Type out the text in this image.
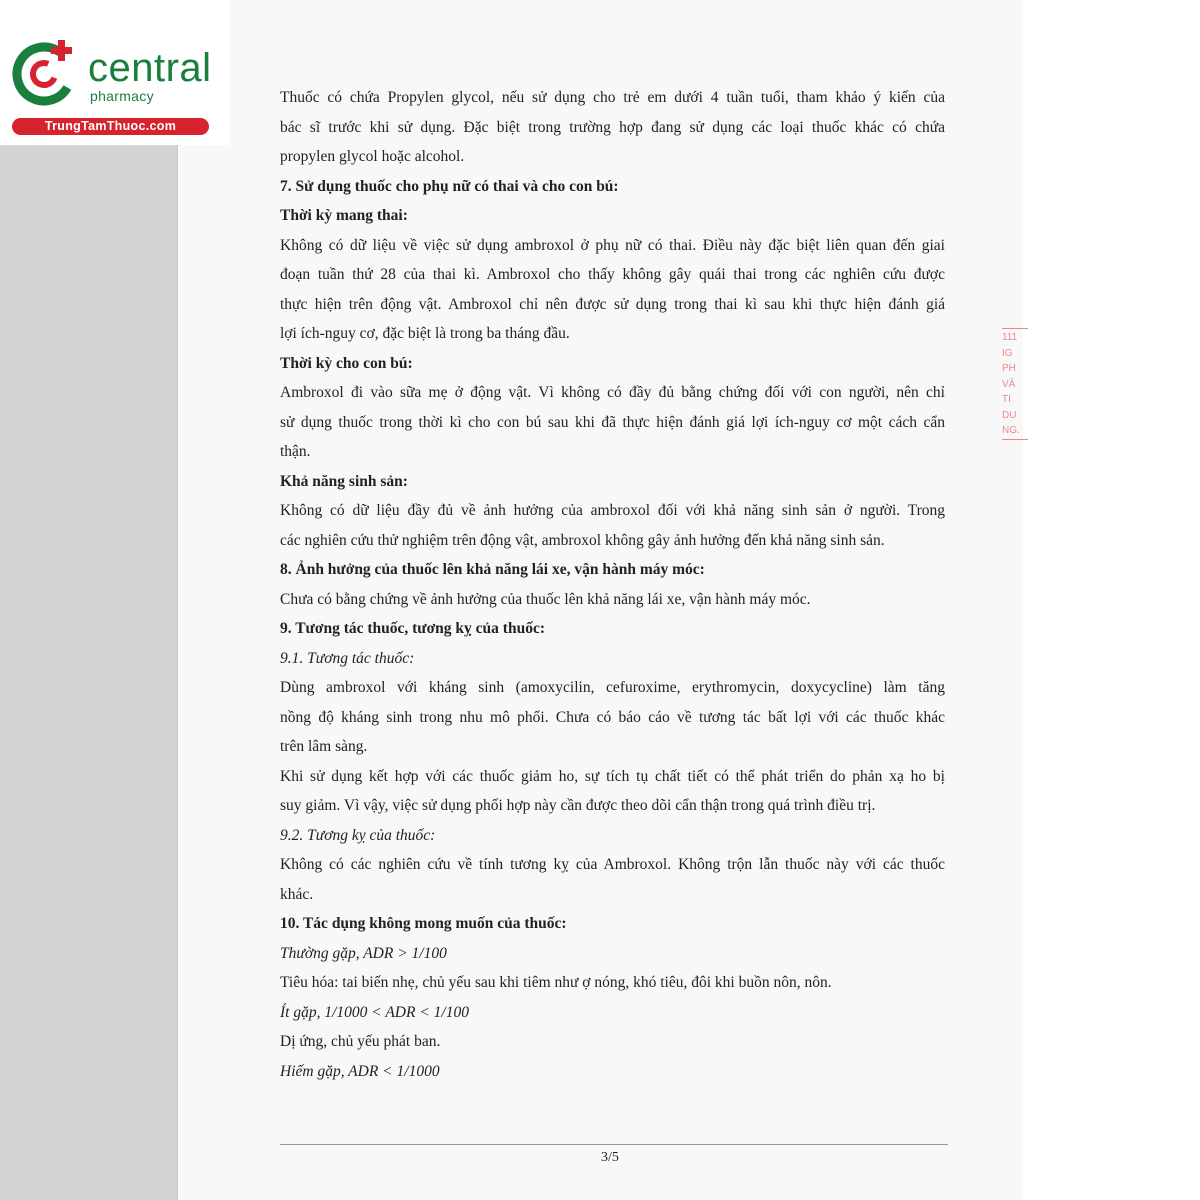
central
pharmacy
TrungTamThuoc.com
Thuốc có chứa Propylen glycol, nếu sử dụng cho trẻ em dưới 4 tuần tuổi, tham khảo ý kiến của
bác sĩ trước khi sử dụng. Đặc biệt trong trường hợp đang sử dụng các loại thuốc khác có chứa
propylen glycol hoặc alcohol.
7. Sử dụng thuốc cho phụ nữ có thai và cho con bú:
Thời kỳ mang thai:
Không có dữ liệu về việc sử dụng ambroxol ở phụ nữ có thai. Điều này đặc biệt liên quan đến giai
đoạn tuần thứ 28 của thai kì. Ambroxol cho thấy không gây quái thai trong các nghiên cứu được
thực hiện trên động vật. Ambroxol chỉ nên được sử dụng trong thai kì sau khi thực hiện đánh giá
lợi ích-nguy cơ, đặc biệt là trong ba tháng đầu.
Thời kỳ cho con bú:
Ambroxol đi vào sữa mẹ ở động vật. Vì không có đầy đủ bằng chứng đối với con người, nên chỉ
sử dụng thuốc trong thời kì cho con bú sau khi đã thực hiện đánh giá lợi ích-nguy cơ một cách cẩn
thận.
Khả năng sinh sản:
Không có dữ liệu đầy đủ về ảnh hưởng của ambroxol đối với khả năng sinh sản ở người. Trong
các nghiên cứu thử nghiệm trên động vật, ambroxol không gây ảnh hưởng đến khả năng sinh sản.
8. Ảnh hưởng của thuốc lên khả năng lái xe, vận hành máy móc:
Chưa có bằng chứng về ảnh hưởng của thuốc lên khả năng lái xe, vận hành máy móc.
9. Tương tác thuốc, tương kỵ của thuốc:
9.1. Tương tác thuốc:
Dùng ambroxol với kháng sinh (amoxycilin, cefuroxime, erythromycin, doxycycline) làm tăng
nồng độ kháng sinh trong nhu mô phổi. Chưa có báo cáo về tương tác bất lợi với các thuốc khác
trên lâm sàng.
Khi sử dụng kết hợp với các thuốc giảm ho, sự tích tụ chất tiết có thể phát triển do phản xạ ho bị
suy giảm. Vì vậy, việc sử dụng phối hợp này cần được theo dõi cẩn thận trong quá trình điều trị.
9.2. Tương kỵ của thuốc:
Không có các nghiên cứu về tính tương kỵ của Ambroxol. Không trộn lẫn thuốc này với các thuốc
khác.
10. Tác dụng không mong muốn của thuốc:
Thường gặp, ADR > 1/100
Tiêu hóa: tai biến nhẹ, chủ yếu sau khi tiêm như ợ nóng, khó tiêu, đôi khi buồn nôn, nôn.
Ít gặp, 1/1000 < ADR < 1/100
Dị ứng, chủ yếu phát ban.
Hiếm gặp, ADR < 1/1000
111
IG
PH
VĂ
TI
DU
NG.
3/5
